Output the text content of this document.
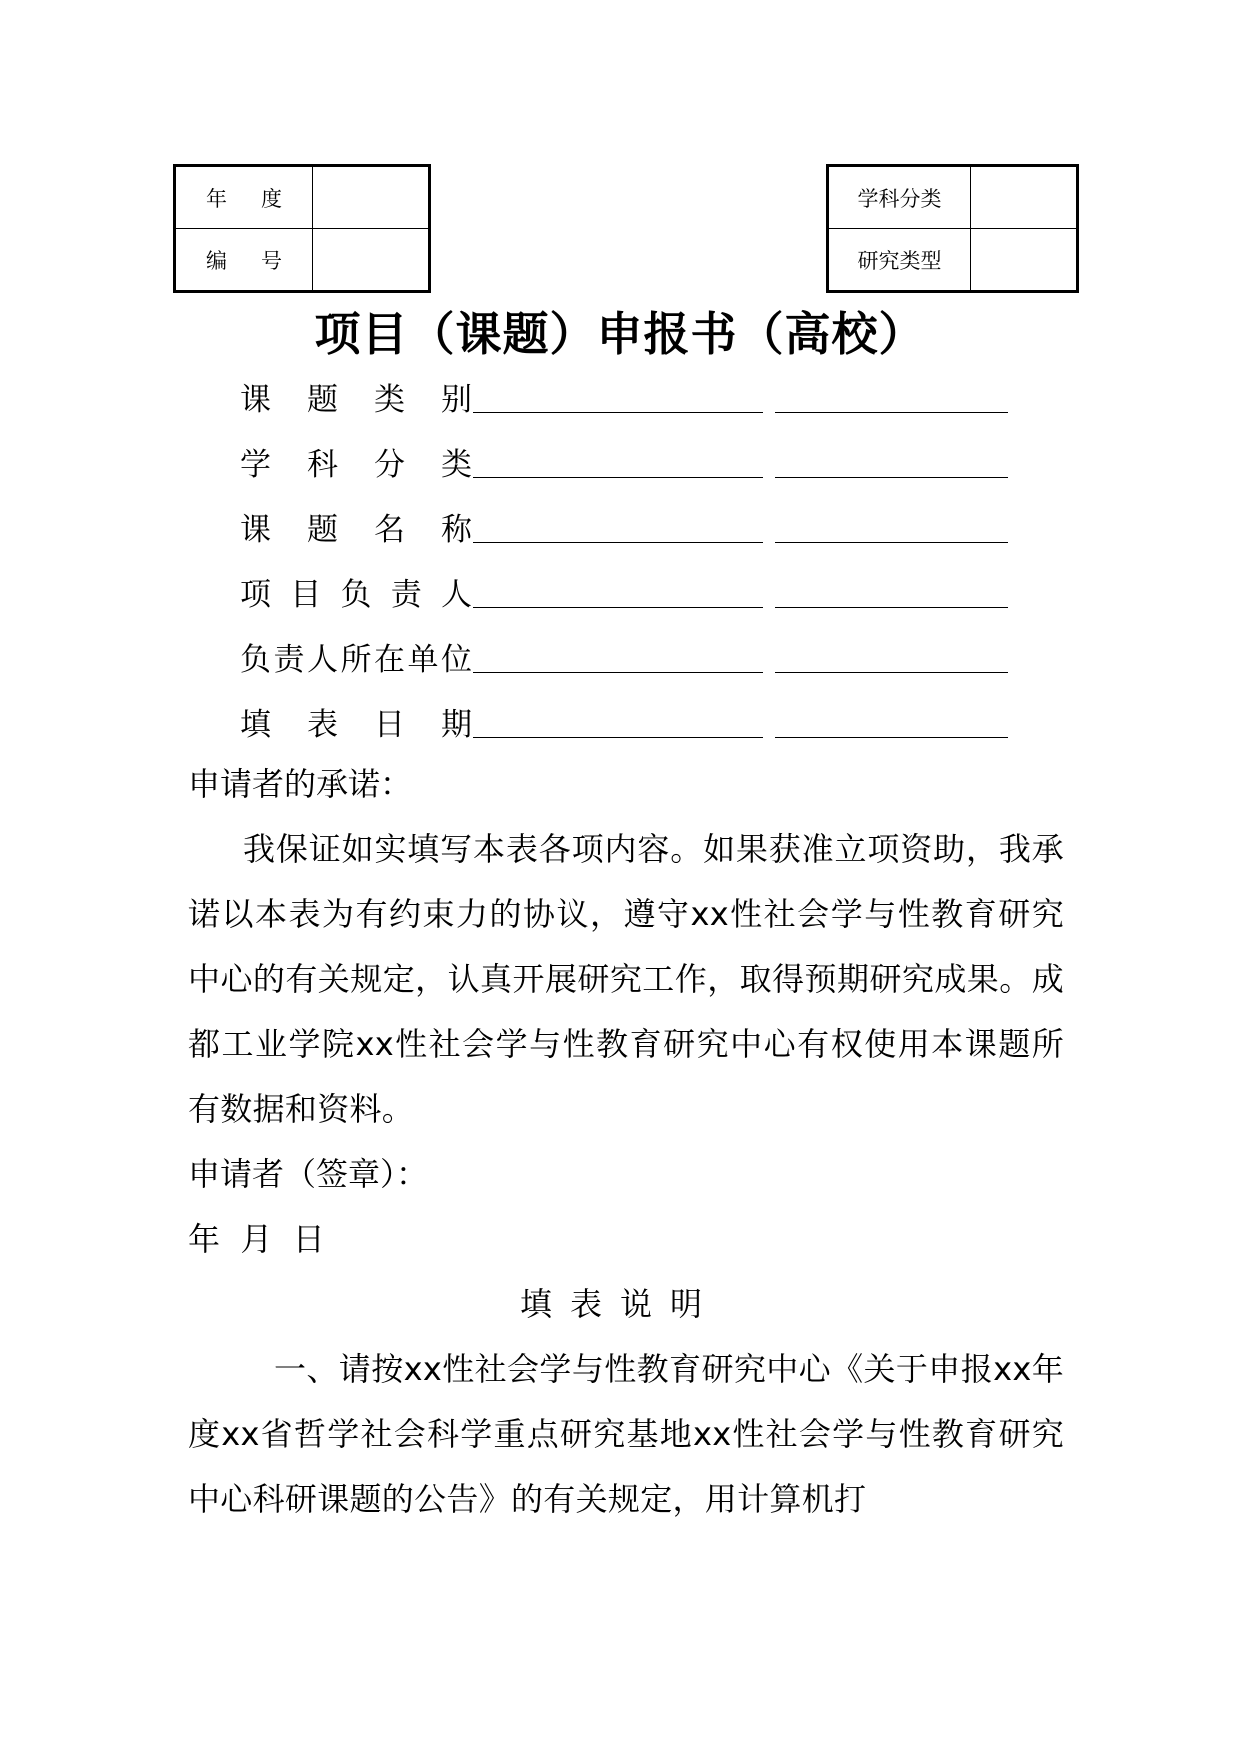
年 度	

编 号	

学科分类	
研究类型	
项目（课题）申报书（高校）
课 题 类 别
学 科 分 类
课 题 名 称
项 目 负 责 人
负 责 人 所 在 单 位
填 表 日 期
申请者的承诺：
我保证如实填写本表各项内容。如果获准立项资助，我承诺以本表为有约束力的协议，遵守xx性社会学与性教育研究中心的有关规定，认真开展研究工作，取得预期研究成果。成都工业学院xx性社会学与性教育研究中心有权使用本课题所有数据和资料。
申请者（签章）：
年  月  日
填表说明
一、请按xx性社会学与性教育研究中心《关于申报xx年度xx省哲学社会科学重点研究基地xx性社会学与性教育研究中心科研课题的公告》的有关规定，用计算机打
